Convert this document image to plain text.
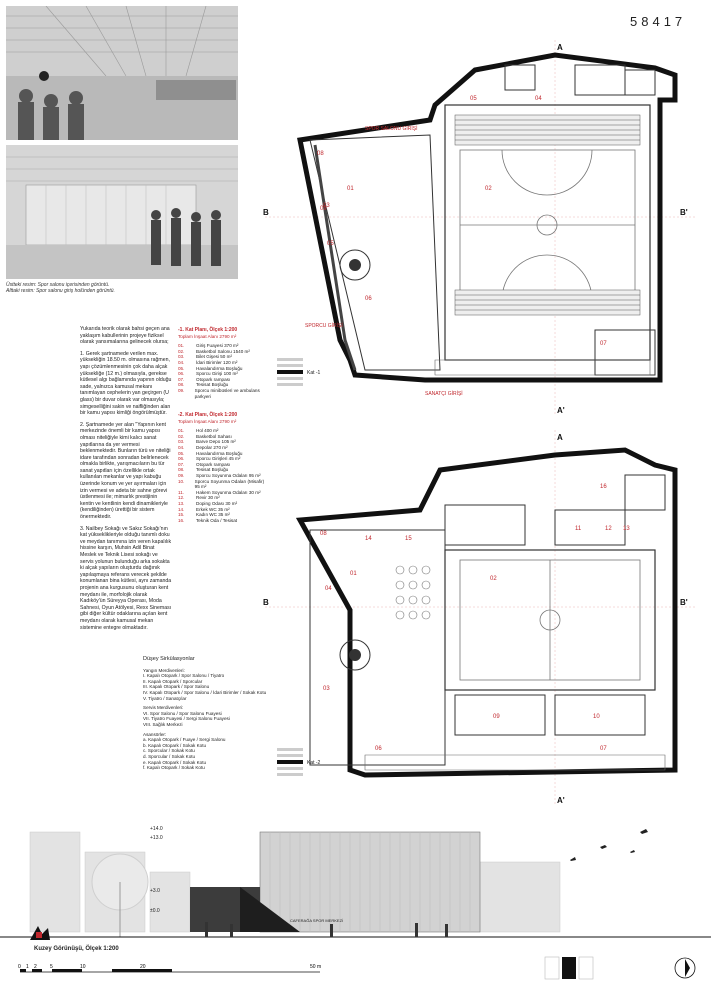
58417
Üstteki resim: Spor salonu içerisinden görüntü.
Alttaki resim: Spor salonu giriş holünden görüntü.

Yukarıda teorik olarak bahsi geçen ana yaklaşım kabullerinin projeye fiziksel olarak yansımalarına gelinecek olursa;

1. Gerek şartnamede verilen max. yüksekliğin 18.50 m. olmasına rağmen, yapı çözümlenmesinin çok daha alçak yüksekliğe (12 m.) olmasıyla, gerekse kütlesel algı bağlamında yapının olduğu sade, yalnızca kamusal mekanı tanımlayan cephelerin yan geçirgen (U glass) bir duvar olarak var olmasıyla; simgeselliğini sakin ve naifliğinden alan bir kamu yapısı kimliği öngörülmüştür.

2. Şartnamede yer alan "Yapının kent merkezinde önemli bir kamu yapısı olması niteliğiyle kimi kalıcı sanat yapıtlarına da yer vermesi beklenmektedir. Bunların türü ve niteliği idare tarafından sonradan belirlenecek olmakla birlikte, yarışmacıların bu tür sanat yapıtları için özellikle ortak kullanılan mekanlar ve yapı kabuğu üzerinde konum ve yer ayırmaları için izin vermesi ve adeta bir sahne görevi üstlenmesi ile; mimarlık prestijinin kentin ve kentlinin kendi dinamikleriyle (kendiliğinden) ürettiği bir sistem önermektedir.

3. Nailbey Sokağı ve Sakız Sokağı'nın kat yükseklikleriyle olduğu tanımlı doku ve meydan tanımına izin veren kapalılık hissine karşın, Muhsin Adil Binat Meslek ve Teknik Lisesi sokağı ve servis yolunun bulunduğu arka sokakta ki alçak yapıların oluşturdu dağınık yapılaşmaya referans verecek şekilde konumlanan bina kütlesi, aynı zamanda projenin ana kurgusunu oluşturan kent meydanı ile, morfolojik olarak Kadıköy'ün Süreyya Operası, Moda Sahnesi, Oyun Atölyesi, Rexx Sineması gibi diğer kültür odaklarına açılan kent meydanı olarak kamusal mekan sistemine entegre olmaktadır.

-1. Kat Planı, Ölçek 1:200
Toplam İnşaat Alanı 2790 m²
01.	Giriş Fuayesi 370 m²
02.	Basketbol Salonu 1540 m²
03.	Bilet Gişesi 50 m²
04.	İdari Birimler 120 m²
05.	Havalandırma Boşluğu
06.	Sporcu Girişi 100 m²
07.	Otopark rampası
08.	Tesisat Boşluğu
09.	Sporcu minibüsleri ve ambulans parkyeri
-2. Kat Planı, Ölçek 1:200
Toplam İnşaat Alanı 2790 m²
01.	Hol 400 m²
02.	Basketbol Sahası
03.	Barve Depo 105 m²
04.	Depolar 270 m²
05.	Havalandırma Boşluğu
06.	Sporcu Girişleri 45 m²
07.	Otopark rampası
08.	Tesisat Boşluğu
09.	Sporcu Soyunma Odaları 95 m²
10.	Sporcu Soyunma Odaları (Misafir) 95 m²
11.	Hakem Soyunma Odaları 30 m²
12.	Revir 30 m²
13.	Doping Odası 30 m²
14.	Erkek WC 35 m²
15.	Kadın WC 35 m²
16.	Teknik Oda / Tesisat
Düşey Sirkülasyonlar
Yangın Merdivenleri:
I. Kapalı Otopark / Spor Salonu / Tiyatro
II. Kapalı Otopark / Sporcular
III. Kapalı Otopark / Spor Salonu
IV. Kapalı Otopark / Spor Salonu / İdari Birimler / Sokak Kotu
V. Tiyatro / Sanatçılar
Servis Merdivenleri:
VI. Spor Salonu / Spor Salonu Fuayesi
VII. Tiyatro Fuayesi / Sergi Salonu Fuayesi
VIII. Sağlık Merkezi
Asansörler:
a. Kapalı Otopark / Fuaye / Sergi Salonu
b. Kapalı Otopark / Sokak Kotu
c. Sporcular / Sokak Kotu
d. Sporcular / Sokak Kotu
e. Kapalı Otopark / Sokak Kotu
f. Kapalı Otopark / Sokak Kotu
05	04
02
01
09
08
03
05
06
07
SPOR SALONU GİRİŞİ
SPORCU GİRİŞİ
SANATÇI GİRİŞİ
A
A'
B	B'
Kat -1
16
11	12 13
14	15
02
01
04
08
03
09	10
07
06
A
A'
B	B'
Kat -2
+14.0
+13.0
+3.0
±0.0
CAFERAĞA SPOR MERKEZİ
Kuzey Görünüşü, Ölçek 1:200
0 1 2	5	10	20	50 m
